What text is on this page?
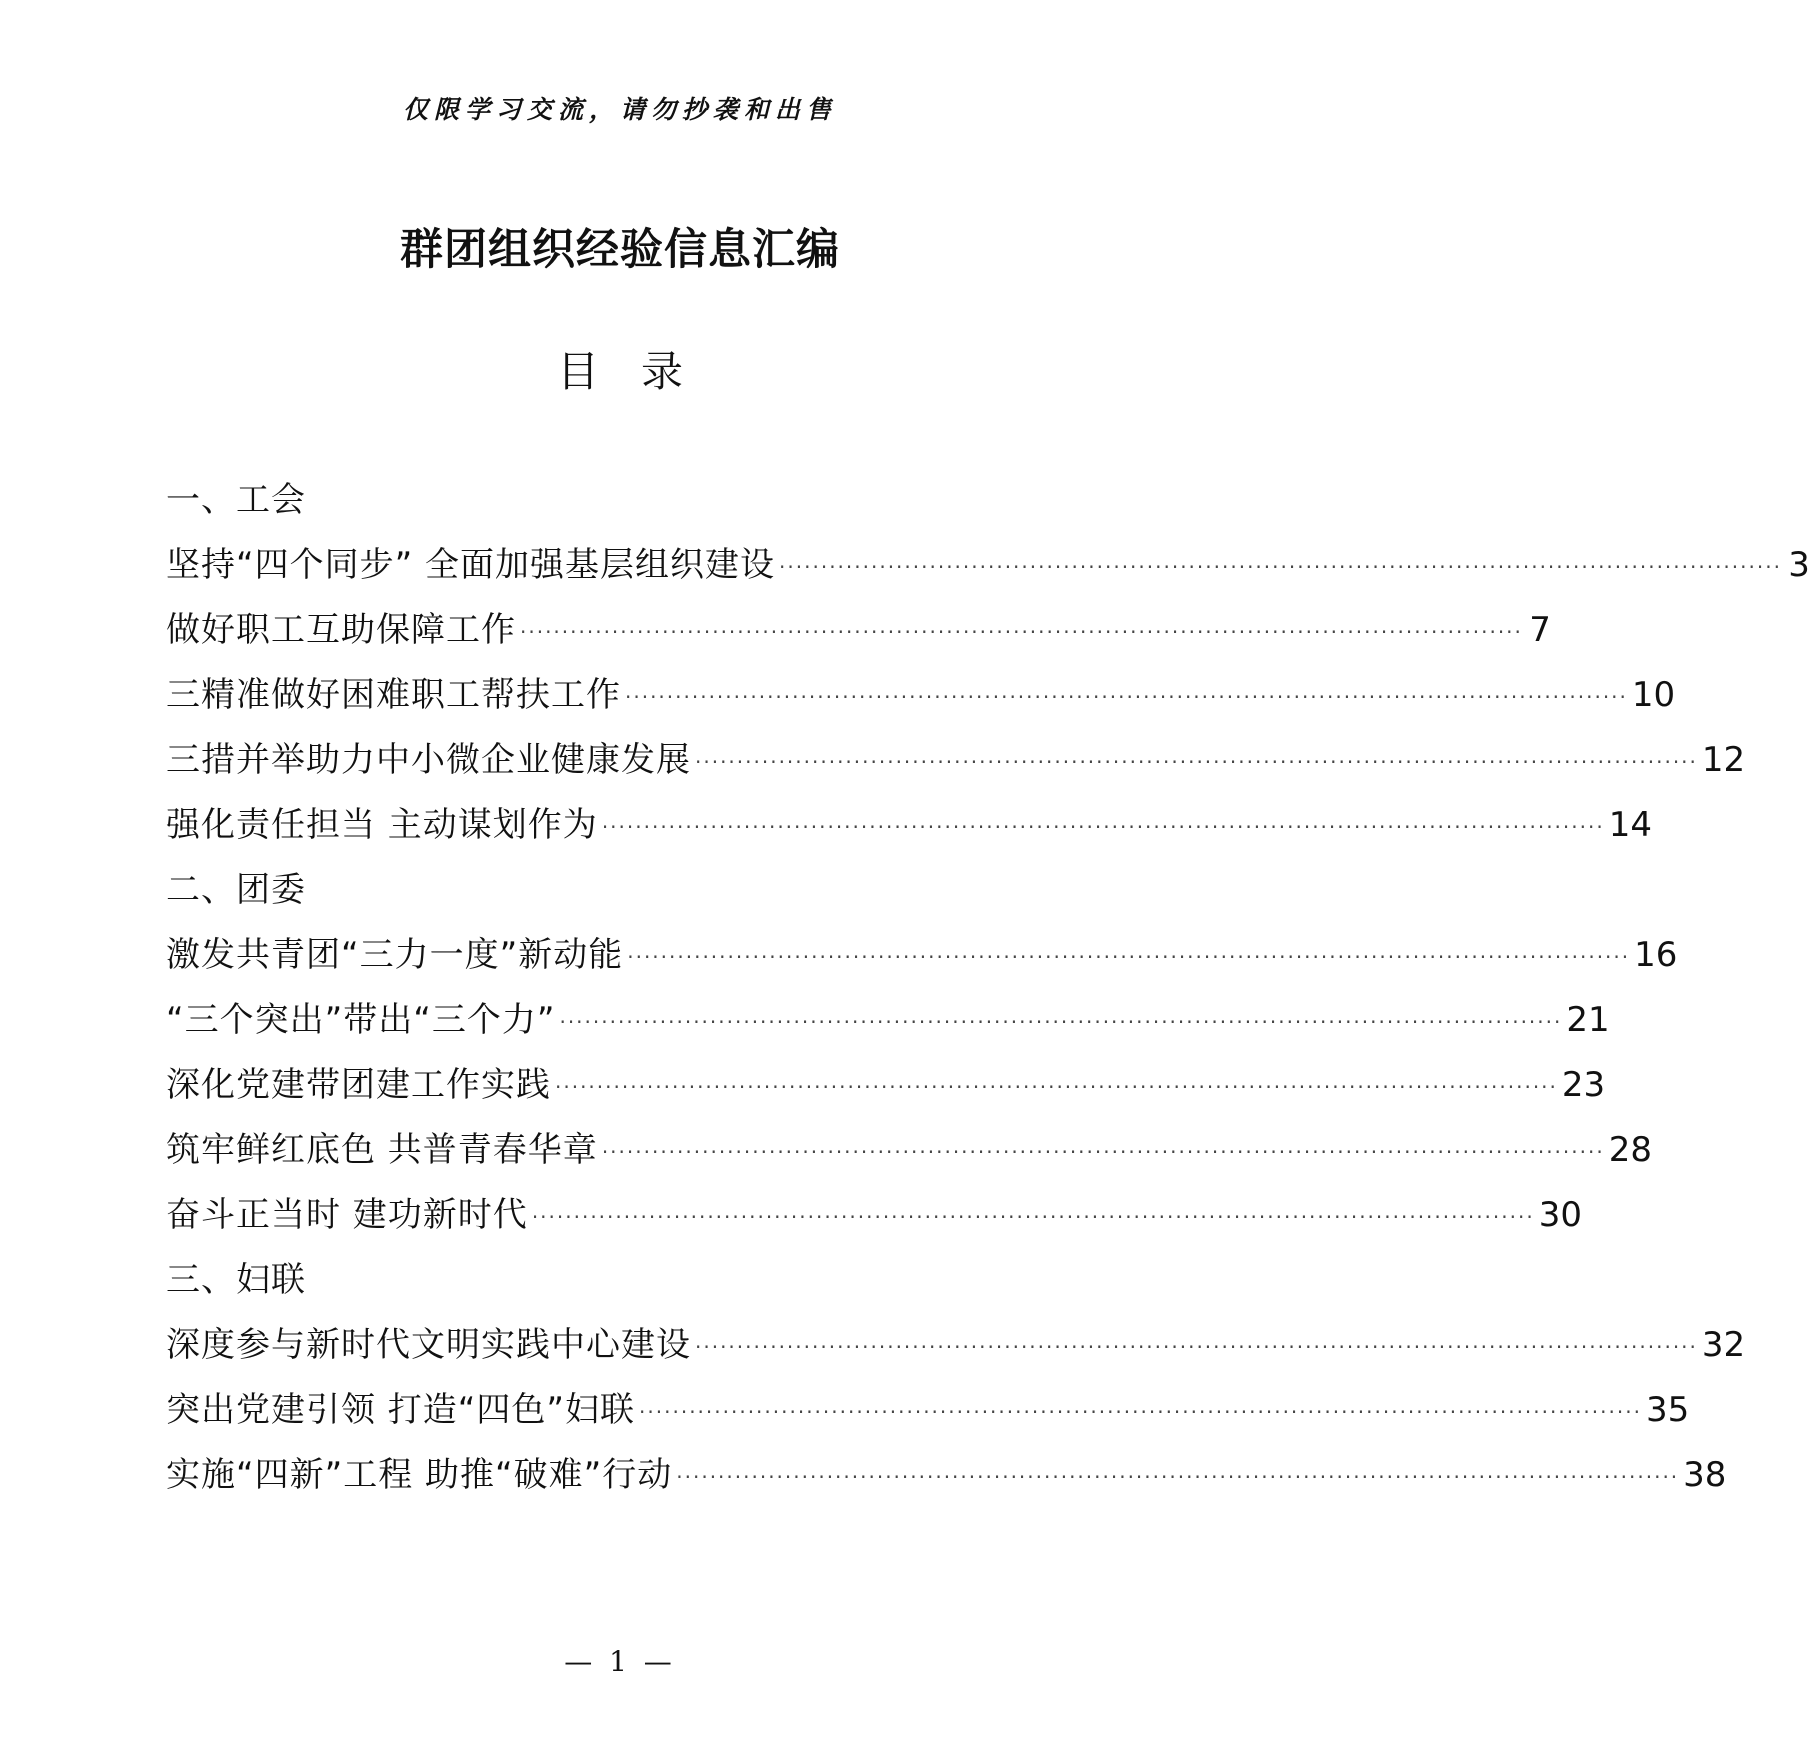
仅限学习交流，请勿抄袭和出售
群团组织经验信息汇编
目 录
一、工会
坚持“四个同步” 全面加强基层组织建设 ························································································································ 3
做好职工互助保障工作 ························································································································ 7
三精准做好困难职工帮扶工作 ························································································································ 10
三措并举助力中小微企业健康发展 ························································································································ 12
强化责任担当 主动谋划作为 ························································································································ 14
二、团委
激发共青团“三力一度”新动能 ························································································································ 16
“三个突出”带出“三个力” ························································································································ 21
深化党建带团建工作实践 ························································································································ 23
筑牢鲜红底色 共普青春华章 ························································································································ 28
奋斗正当时 建功新时代 ························································································································ 30
三、妇联
深度参与新时代文明实践中心建设 ························································································································ 32
突出党建引领 打造“四色”妇联 ························································································································ 35
实施“四新”工程 助推“破难”行动 ························································································································ 38
— 1 —
